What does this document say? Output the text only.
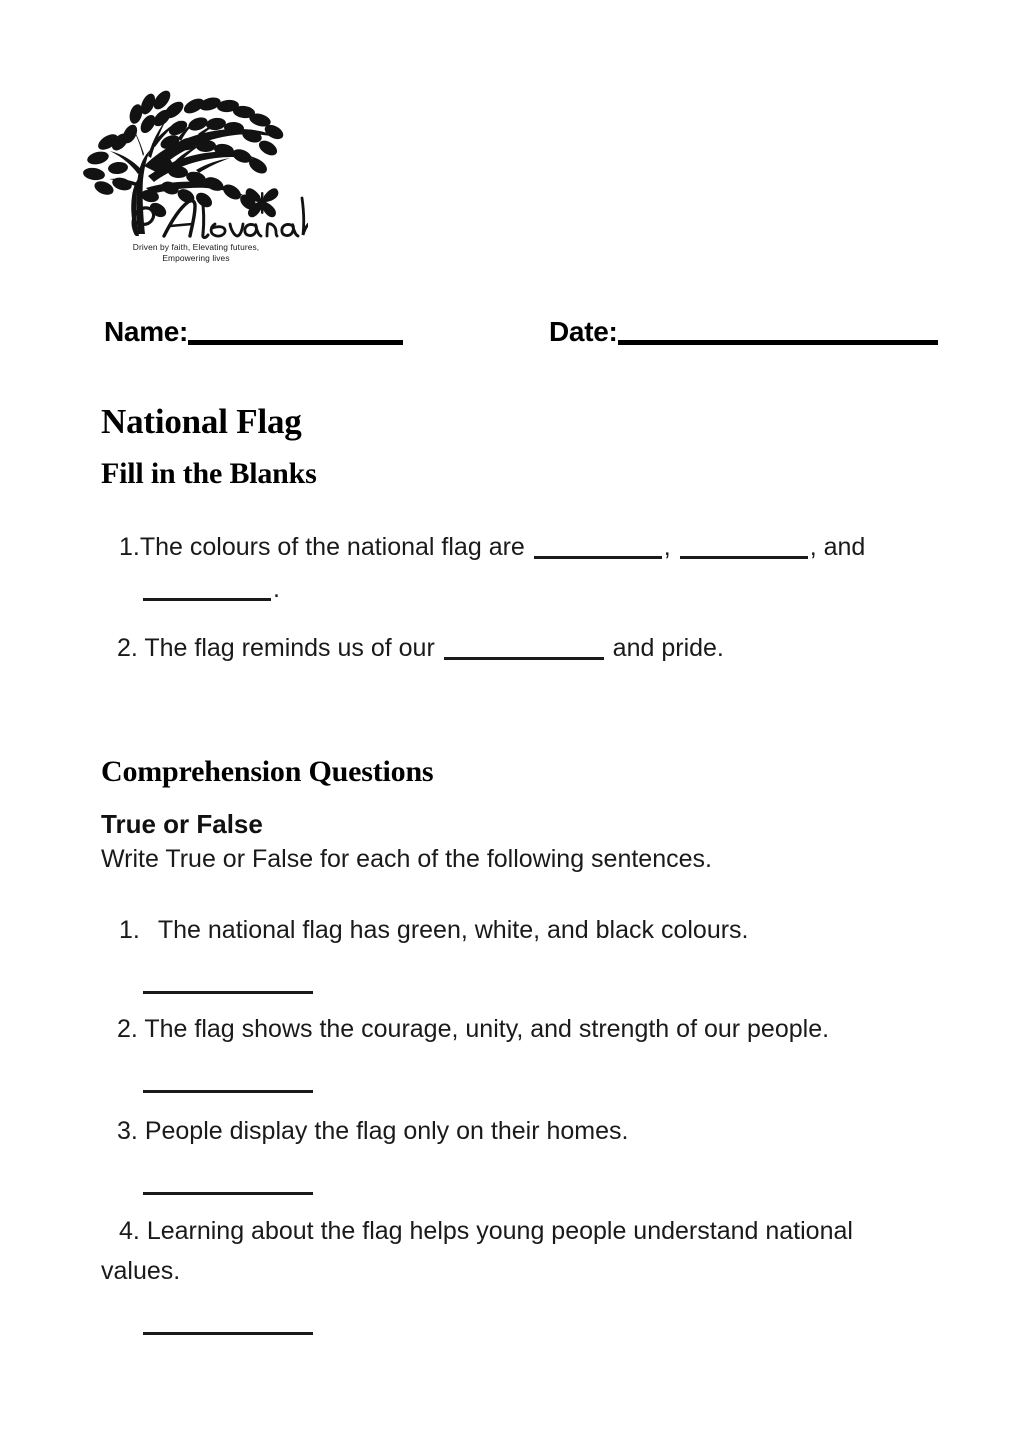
Driven by faith, Elevating futures,
Empowering lives
Name:	Date:
National Flag
Fill in the Blanks
1.The colours of the national flag are	,	, and
.
2. The flag reminds us of our	and pride.
Comprehension Questions
True or False
Write True or False for each of the following sentences.
1. The national flag has green, white, and black colours.
2. The flag shows the courage, unity, and strength of our people.
3. People display the flag only on their homes.
4. Learning about the flag helps young people understand national values.
